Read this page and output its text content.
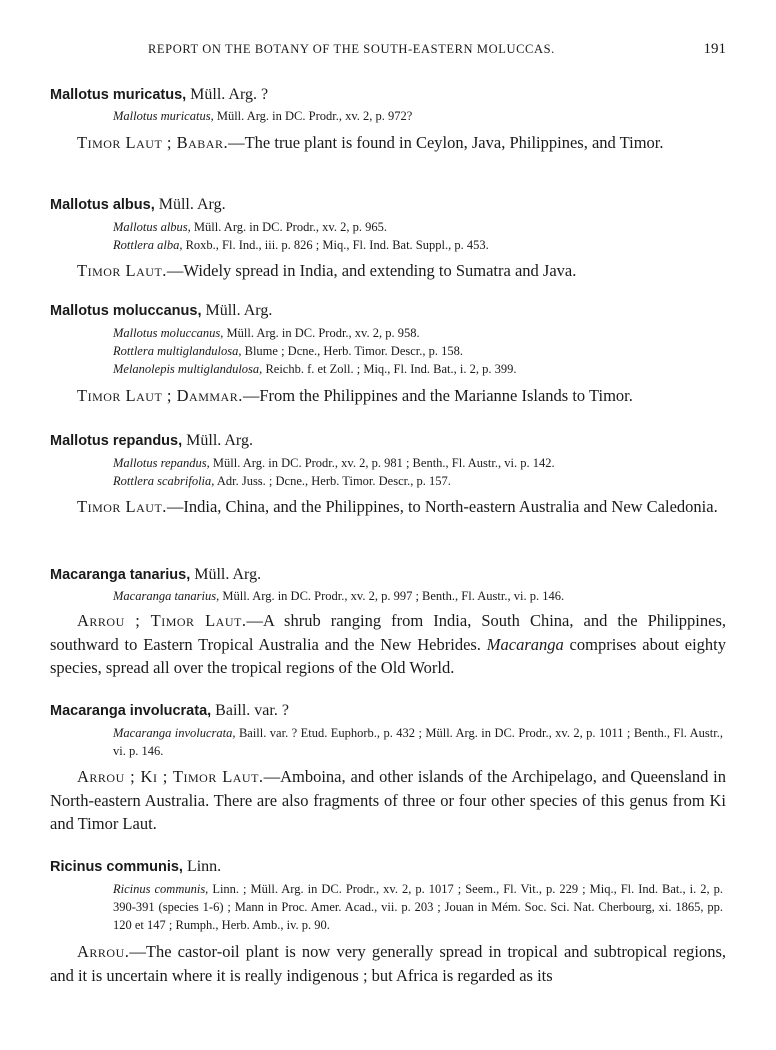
REPORT ON THE BOTANY OF THE SOUTH-EASTERN MOLUCCAS.	191
Mallotus muricatus, Müll. Arg. ?
Mallotus muricatus, Müll. Arg. in DC. Prodr., xv. 2, p. 972?
Timor Laut ; Babar.—The true plant is found in Ceylon, Java, Philippines, and Timor.
Mallotus albus, Müll. Arg.
Mallotus albus, Müll. Arg. in DC. Prodr., xv. 2, p. 965.
Rottlera alba, Roxb., Fl. Ind., iii. p. 826 ; Miq., Fl. Ind. Bat. Suppl., p. 453.
Timor Laut.—Widely spread in India, and extending to Sumatra and Java.
Mallotus moluccanus, Müll. Arg.
Mallotus moluccanus, Müll. Arg. in DC. Prodr., xv. 2, p. 958.
Rottlera multiglandulosa, Blume ; Dcne., Herb. Timor. Descr., p. 158.
Melanolepis multiglandulosa, Reichb. f. et Zoll. ; Miq., Fl. Ind. Bat., i. 2, p. 399.
Timor Laut ; Dammar.—From the Philippines and the Marianne Islands to Timor.
Mallotus repandus, Müll. Arg.
Mallotus repandus, Müll. Arg. in DC. Prodr., xv. 2, p. 981 ; Benth., Fl. Austr., vi. p. 142.
Rottlera scabrifolia, Adr. Juss. ; Dcne., Herb. Timor. Descr., p. 157.
Timor Laut.—India, China, and the Philippines, to North-eastern Australia and New Caledonia.
Macaranga tanarius, Müll. Arg.
Macaranga tanarius, Müll. Arg. in DC. Prodr., xv. 2, p. 997 ; Benth., Fl. Austr., vi. p. 146.
Arrou ; Timor Laut.—A shrub ranging from India, South China, and the Philippines, southward to Eastern Tropical Australia and the New Hebrides. Macaranga comprises about eighty species, spread all over the tropical regions of the Old World.
Macaranga involucrata, Baill. var. ?
Macaranga involucrata, Baill. var. ? Etud. Euphorb., p. 432 ; Müll. Arg. in DC. Prodr., xv. 2, p. 1011 ; Benth., Fl. Austr., vi. p. 146.
Arrou ; Ki ; Timor Laut.—Amboina, and other islands of the Archipelago, and Queensland in North-eastern Australia. There are also fragments of three or four other species of this genus from Ki and Timor Laut.
Ricinus communis, Linn.
Ricinus communis, Linn. ; Müll. Arg. in DC. Prodr., xv. 2, p. 1017 ; Seem., Fl. Vit., p. 229 ; Miq., Fl. Ind. Bat., i. 2, p. 390-391 (species 1-6) ; Mann in Proc. Amer. Acad., vii. p. 203 ; Jouan in Mém. Soc. Sci. Nat. Cherbourg, xi. 1865, pp. 120 et 147 ; Rumph., Herb. Amb., iv. p. 90.
Arrou.—The castor-oil plant is now very generally spread in tropical and subtropical regions, and it is uncertain where it is really indigenous ; but Africa is regarded as its
